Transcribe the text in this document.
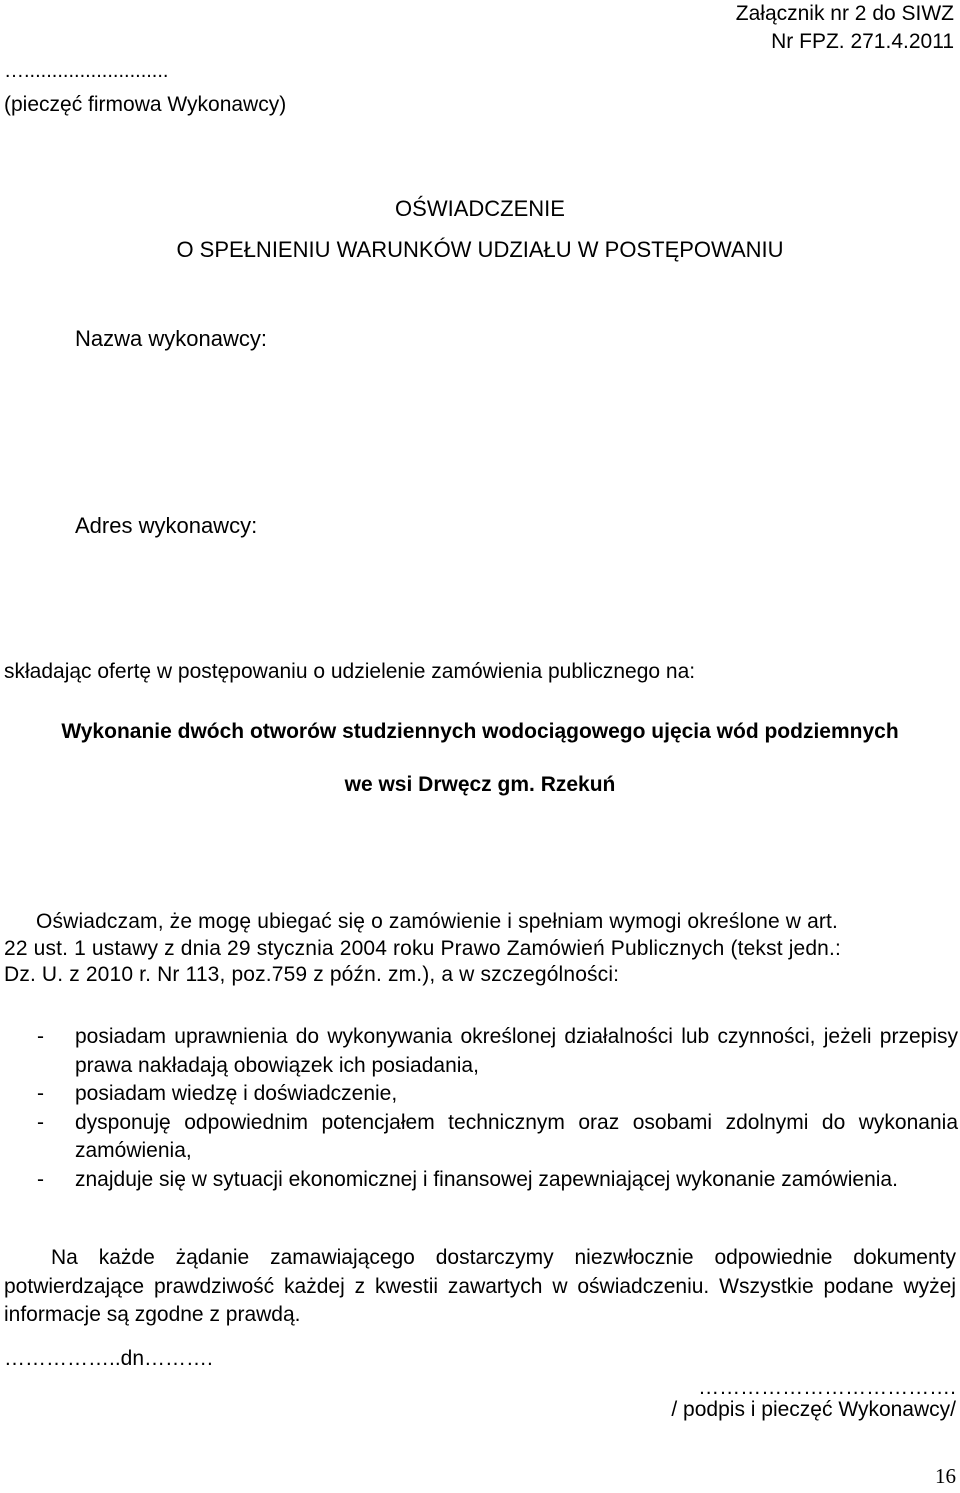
Załącznik nr 2 do SIWZ
Nr FPZ. 271.4.2011

…..........................

(pieczęć firmowa Wykonawcy)

OŚWIADCZENIE
O SPEŁNIENIU WARUNKÓW UDZIAŁU W POSTĘPOWANIU

Nazwa wykonawcy:

Adres wykonawcy:

składając ofertę w postępowaniu o udzielenie zamówienia publicznego na:

Wykonanie dwóch otworów studziennych wodociągowego ujęcia wód podziemnych

we wsi Drwęcz gm. Rzekuń

Oświadczam, że mogę ubiegać się o zamówienie i spełniam wymogi określone w art.
22 ust. 1 ustawy z dnia 29 stycznia 2004 roku Prawo Zamówień Publicznych (tekst jedn.:
Dz. U. z 2010 r. Nr 113, poz.759 z późn. zm.), a w szczególności:
- posiadam uprawnienia do wykonywania określonej działalności lub czynności, jeżeli przepisy prawa nakładają obowiązek ich posiadania,
- posiadam wiedzę i doświadczenie,
- dysponuję odpowiednim potencjałem technicznym oraz osobami zdolnymi do wykonania zamówienia,
- znajduje się w sytuacji ekonomicznej i finansowej zapewniającej wykonanie zamówienia.

Na każde żądanie zamawiającego dostarczymy niezwłocznie odpowiednie dokumenty potwierdzające prawdziwość każdej z kwestii zawartych w oświadczeniu. Wszystkie podane wyżej informacje są zgodne z prawdą.

……………..dn……….

……………………………….

/ podpis i pieczęć Wykonawcy/

16
